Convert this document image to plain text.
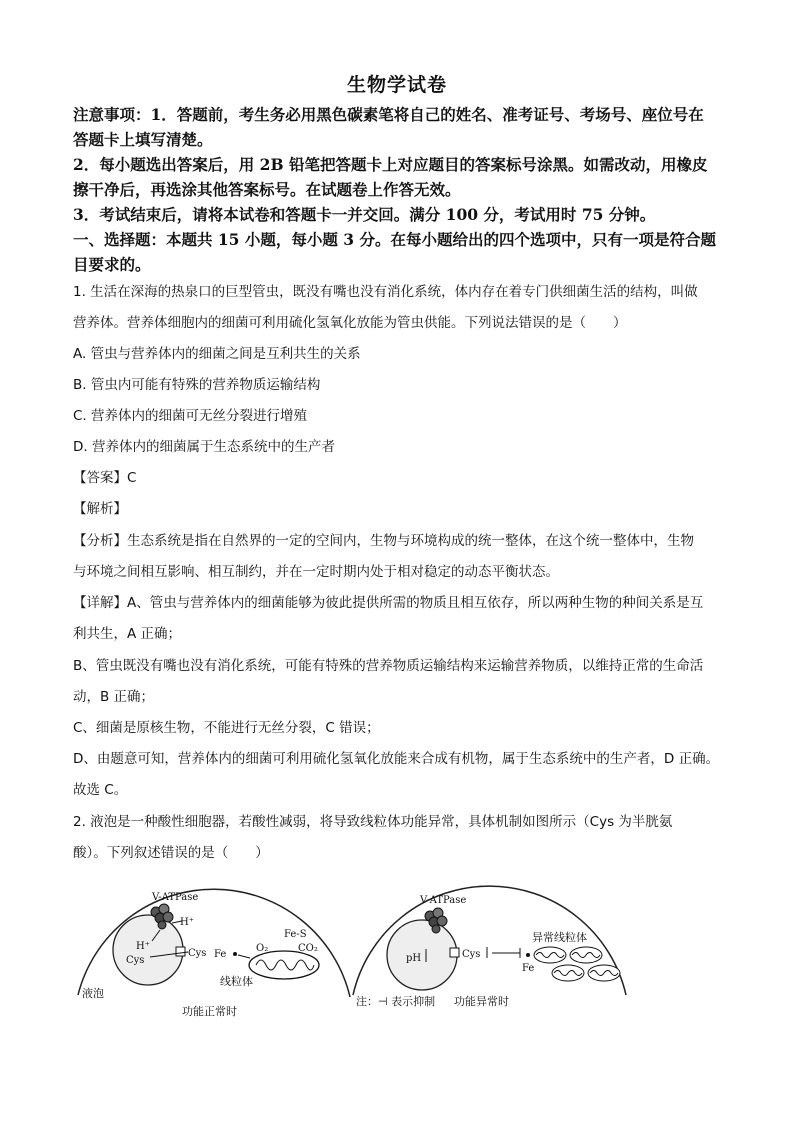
生物学试卷
注意事项：1．答题前，考生务必用黑色碳素笔将自己的姓名、准考证号、考场号、座位号在
答题卡上填写清楚。
2．每小题选出答案后，用 2B 铅笔把答题卡上对应题目的答案标号涂黑。如需改动，用橡皮
擦干净后，再选涂其他答案标号。在试题卷上作答无效。
3．考试结束后，请将本试卷和答题卡一并交回。满分 100 分，考试用时 75 分钟。
一、选择题：本题共 15 小题，每小题 3 分。在每小题给出的四个选项中，只有一项是符合题
目要求的。
1. 生活在深海的热泉口的巨型管虫，既没有嘴也没有消化系统，体内存在着专门供细菌生活的结构，叫做
营养体。营养体细胞内的细菌可利用硫化氢氧化放能为管虫供能。下列说法错误的是（　　）
A. 管虫与营养体内的细菌之间是互利共生的关系
B. 管虫内可能有特殊的营养物质运输结构
C. 营养体内的细菌可无丝分裂进行增殖
D. 营养体内的细菌属于生态系统中的生产者
【答案】C
【解析】
【分析】生态系统是指在自然界的一定的空间内，生物与环境构成的统一整体，在这个统一整体中，生物
与环境之间相互影响、相互制约，并在一定时期内处于相对稳定的动态平衡状态。
【详解】A、管虫与营养体内的细菌能够为彼此提供所需的物质且相互依存，所以两种生物的种间关系是互
利共生，A 正确；
B、管虫既没有嘴也没有消化系统，可能有特殊的营养物质运输结构来运输营养物质，以维持正常的生命活
动，B 正确；
C、细菌是原核生物，不能进行无丝分裂，C 错误；
D、由题意可知，营养体内的细菌可利用硫化氢氧化放能来合成有机物，属于生态系统中的生产者，D 正确。
故选 C。
2. 液泡是一种酸性细胞器，若酸性减弱，将导致线粒体功能异常，具体机制如图所示（Cys 为半胱氨
酸）。下列叙述错误的是（　　）
V-ATPase
H⁺
H⁺
Cys
Cys Fe
Fe-S
O₂	CO₂
液泡
线粒体
功能正常时
V-ATPase
pH	Cys
Fe
异常线粒体
注：⊣ 表示抑制 功能异常时
